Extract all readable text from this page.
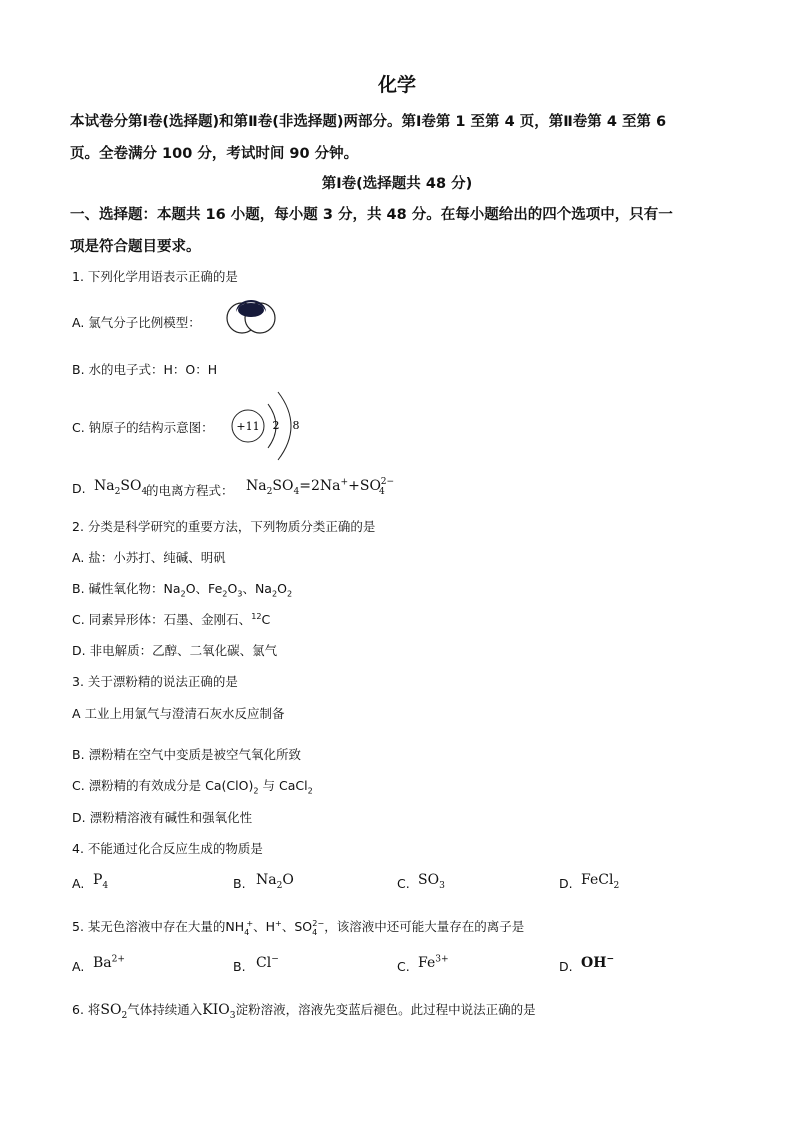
化学
本试卷分第Ⅰ卷(选择题)和第Ⅱ卷(非选择题)两部分。第Ⅰ卷第 1 至第 4 页，第Ⅱ卷第 4 至第 6
页。全卷满分 100 分，考试时间 90 分钟。
第Ⅰ卷(选择题共 48 分)
一、选择题：本题共 16 小题，每小题 3 分，共 48 分。在每小题给出的四个选项中，只有一
项是符合题目要求。
1. 下列化学用语表示正确的是
A. 氯气分子比例模型：
B. 水的电子式：H：O：H
C. 钠原子的结构示意图： +11 2 8
D. $Na_2SO_4$
的电离方程式： $Na_2SO_4=2Na^++SO_4^{2-}$
2. 分类是科学研究的重要方法，下列物质分类正确的是
A. 盐：小苏打、纯碱、明矾
B. 碱性氧化物：$Na_2O$、$Fe_2O_3$、$Na_2O_2$
C. 同素异形体：石墨、金刚石、$^{12}$C
D. 非电解质：乙醇、二氧化碳、氯气
3. 关于漂粉精的说法正确的是
A 工业上用氯气与澄清石灰水反应制备
B. 漂粉精在空气中变质是被空气氧化所致
C. 漂粉精的有效成分是 $Ca(ClO)_2$ 与 CaCl$_2$
D. 漂粉精溶液有碱性和强氧化性
4. 不能通过化合反应生成的物质是
A. $P_4$	B. $Na_2O$	C. $SO_3$	D. FeCl$_2$
5. 某无色溶液中存在大量的$NH_4^+$、H+、$SO_4^{2-}$，该溶液中还可能大量存在的离子是
A. $Ba^{2+}$	B. Cl−	C. $Fe^{3+}$	D. OH−
6. 将$SO_2$气体持续通入$KIO_3$淀粉溶液，溶液先变蓝后褪色。此过程中说法正确的是
